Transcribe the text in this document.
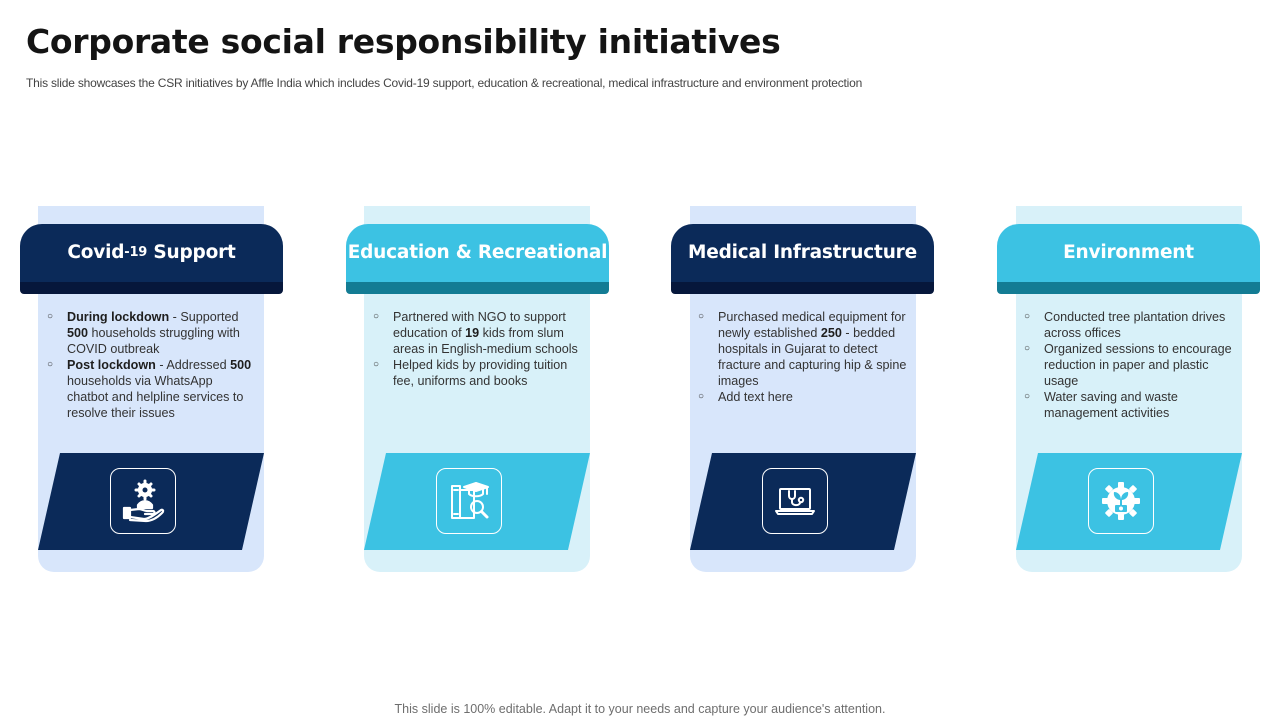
Corporate social responsibility initiatives
This slide showcases the CSR initiatives by Affle India which includes Covid-19 support, education & recreational, medical infrastructure and environment protection
Covid -19 Support
○ During lockdown - Supported 500 households struggling with COVID outbreak
○ Post lockdown - Addressed 500 households via WhatsApp chatbot and helpline services to resolve their issues
Education & Recreational
○ Partnered with NGO to support education of 19 kids from slum areas in English-medium schools
○ Helped kids by providing tuition fee, uniforms and books
Medical Infrastructure
○ Purchased medical equipment for newly established 250 - bedded hospitals in Gujarat to detect fracture and capturing hip & spine images
○ Add text here
Environment
○ Conducted tree plantation drives across offices
○ Organized sessions to encourage reduction in paper and plastic usage
○ Water saving and waste management activities
This slide is 100% editable. Adapt it to your needs and capture your audience's attention.
